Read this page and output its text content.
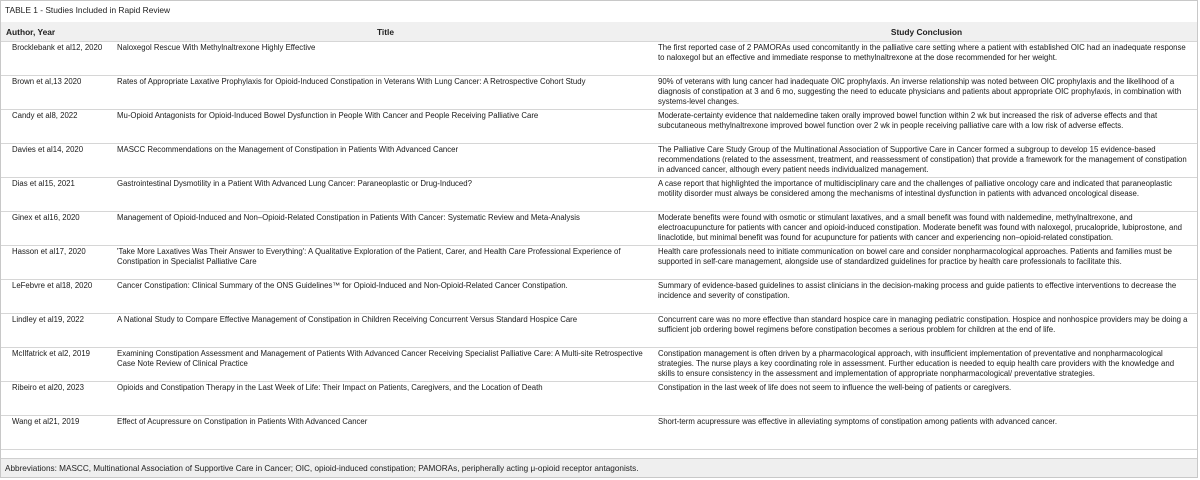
TABLE 1 - Studies Included in Rapid Review
Author, Year	Title	Study Conclusion
Brocklebank et al12, 2020	Naloxegol Rescue With Methylnaltrexone Highly Effective	The first reported case of 2 PAMORAs used concomitantly in the palliative care setting where a patient with established OIC had an inadequate response to naloxegol but an effective and immediate response to methylnaltrexone at the dose recommended for her weight.
Brown et al,13 2020	Rates of Appropriate Laxative Prophylaxis for Opioid-Induced Constipation in Veterans With Lung Cancer: A Retrospective Cohort Study	90% of veterans with lung cancer had inadequate OIC prophylaxis. An inverse relationship was noted between OIC prophylaxis and the likelihood of a diagnosis of constipation at 3 and 6 mo, suggesting the need to educate physicians and patients about appropriate OIC prophylaxis, in combination with systems-level changes.
Candy et al8, 2022	Mu-Opioid Antagonists for Opioid-Induced Bowel Dysfunction in People With Cancer and People Receiving Palliative Care	Moderate-certainty evidence that naldemedine taken orally improved bowel function within 2 wk but increased the risk of adverse effects and that subcutaneous methylnaltrexone improved bowel function over 2 wk in people receiving palliative care with a low risk of adverse effects.
Davies et al14, 2020	MASCC Recommendations on the Management of Constipation in Patients With Advanced Cancer	The Palliative Care Study Group of the Multinational Association of Supportive Care in Cancer formed a subgroup to develop 15 evidence-based recommendations (related to the assessment, treatment, and reassessment of constipation) that provide a framework for the management of constipation in advanced cancer, although every patient needs individualized management.
Dias et al15, 2021	Gastrointestinal Dysmotility in a Patient With Advanced Lung Cancer: Paraneoplastic or Drug-Induced?	A case report that highlighted the importance of multidisciplinary care and the challenges of palliative oncology care and indicated that paraneoplastic motility disorder must always be considered among the mechanisms of intestinal dysfunction in patients with advanced oncological disease.
Ginex et al16, 2020	Management of Opioid-Induced and Non–Opioid-Related Constipation in Patients With Cancer: Systematic Review and Meta-Analysis	Moderate benefits were found with osmotic or stimulant laxatives, and a small benefit was found with naldemedine, methylnaltrexone, and electroacupuncture for patients with cancer and opioid-induced constipation. Moderate benefit was found with naloxegol, prucalopride, lubiprostone, and linaclotide, but minimal benefit was found for acupuncture for patients with cancer and experiencing non–opioid-related constipation.
Hasson et al17, 2020	'Take More Laxatives Was Their Answer to Everything': A Qualitative Exploration of the Patient, Carer, and Health Care Professional Experience of Constipation in Specialist Palliative Care	Health care professionals need to initiate communication on bowel care and consider nonpharmacological approaches. Patients and families must be supported in self-care management, alongside use of standardized guidelines for practice by health care professionals to facilitate this.
LeFebvre et al18, 2020	Cancer Constipation: Clinical Summary of the ONS Guidelines™ for Opioid-Induced and Non-Opioid-Related Cancer Constipation.	Summary of evidence-based guidelines to assist clinicians in the decision-making process and guide patients to effective interventions to decrease the incidence and severity of constipation.
Lindley et al19, 2022	A National Study to Compare Effective Management of Constipation in Children Receiving Concurrent Versus Standard Hospice Care	Concurrent care was no more effective than standard hospice care in managing pediatric constipation. Hospice and nonhospice providers may be doing a sufficient job ordering bowel regimens before constipation becomes a serious problem for children at the end of life.
McIlfatrick et al2, 2019	Examining Constipation Assessment and Management of Patients With Advanced Cancer Receiving Specialist Palliative Care: A Multi-site Retrospective Case Note Review of Clinical Practice	Constipation management is often driven by a pharmacological approach, with insufficient implementation of preventative and nonpharmacological strategies. The nurse plays a key coordinating role in assessment. Further education is needed to equip health care providers with the knowledge and skills to ensure consistency in the assessment and implementation of appropriate nonpharmacological/ preventative strategies.
Ribeiro et al20, 2023	Opioids and Constipation Therapy in the Last Week of Life: Their Impact on Patients, Caregivers, and the Location of Death	Constipation in the last week of life does not seem to influence the well-being of patients or caregivers.
Wang et al21, 2019	Effect of Acupressure on Constipation in Patients With Advanced Cancer	Short-term acupressure was effective in alleviating symptoms of constipation among patients with advanced cancer.
Abbreviations: MASCC, Multinational Association of Supportive Care in Cancer; OIC, opioid-induced constipation; PAMORAs, peripherally acting μ-opioid receptor antagonists.
